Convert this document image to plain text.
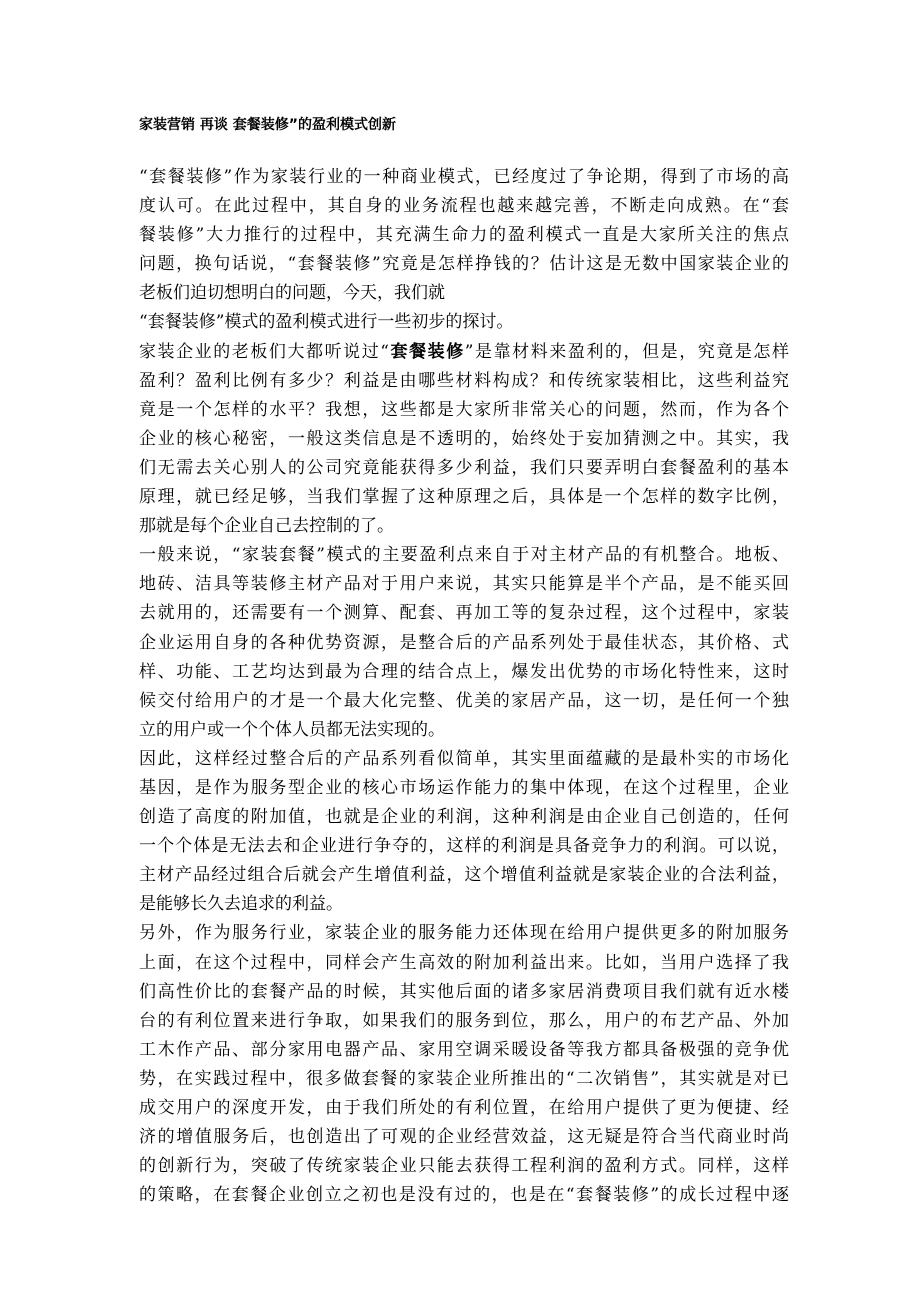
家装营销 再谈 套餐装修”的盈利模式创新
“套餐装修”作为家装行业的一种商业模式，已经度过了争论期，得到了市场的高
度认可。在此过程中，其自身的业务流程也越来越完善，不断走向成熟。在“套
餐装修”大力推行的过程中，其充满生命力的盈利模式一直是大家所关注的焦点
问题，换句话说，“套餐装修”究竟是怎样挣钱的？估计这是无数中国家装企业的
老板们迫切想明白的问题，今天，我们就
“套餐装修”模式的盈利模式进行一些初步的探讨。
家装企业的老板们大都听说过“套餐装修”是靠材料来盈利的，但是，究竟是怎样
盈利？盈利比例有多少？利益是由哪些材料构成？和传统家装相比，这些利益究
竟是一个怎样的水平？我想，这些都是大家所非常关心的问题，然而，作为各个
企业的核心秘密，一般这类信息是不透明的，始终处于妄加猜测之中。其实，我
们无需去关心别人的公司究竟能获得多少利益，我们只要弄明白套餐盈利的基本
原理，就已经足够，当我们掌握了这种原理之后，具体是一个怎样的数字比例，
那就是每个企业自己去控制的了。
一般来说，“家装套餐”模式的主要盈利点来自于对主材产品的有机整合。地板、
地砖、洁具等装修主材产品对于用户来说，其实只能算是半个产品，是不能买回
去就用的，还需要有一个测算、配套、再加工等的复杂过程，这个过程中，家装
企业运用自身的各种优势资源，是整合后的产品系列处于最佳状态，其价格、式
样、功能、工艺均达到最为合理的结合点上，爆发出优势的市场化特性来，这时
候交付给用户的才是一个最大化完整、优美的家居产品，这一切，是任何一个独
立的用户或一个个体人员都无法实现的。
因此，这样经过整合后的产品系列看似简单，其实里面蕴藏的是最朴实的市场化
基因，是作为服务型企业的核心市场运作能力的集中体现，在这个过程里，企业
创造了高度的附加值，也就是企业的利润，这种利润是由企业自己创造的，任何
一个个体是无法去和企业进行争夺的，这样的利润是具备竞争力的利润。可以说，
主材产品经过组合后就会产生增值利益，这个增值利益就是家装企业的合法利益，
是能够长久去追求的利益。
另外，作为服务行业，家装企业的服务能力还体现在给用户提供更多的附加服务
上面，在这个过程中，同样会产生高效的附加利益出来。比如，当用户选择了我
们高性价比的套餐产品的时候，其实他后面的诸多家居消费项目我们就有近水楼
台的有利位置来进行争取，如果我们的服务到位，那么，用户的布艺产品、外加
工木作产品、部分家用电器产品、家用空调采暖设备等我方都具备极强的竞争优
势，在实践过程中，很多做套餐的家装企业所推出的“二次销售”，其实就是对已
成交用户的深度开发，由于我们所处的有利位置，在给用户提供了更为便捷、经
济的增值服务后，也创造出了可观的企业经营效益，这无疑是符合当代商业时尚
的创新行为，突破了传统家装企业只能去获得工程利润的盈利方式。同样，这样
的策略，在套餐企业创立之初也是没有过的，也是在“套餐装修”的成长过程中逐
